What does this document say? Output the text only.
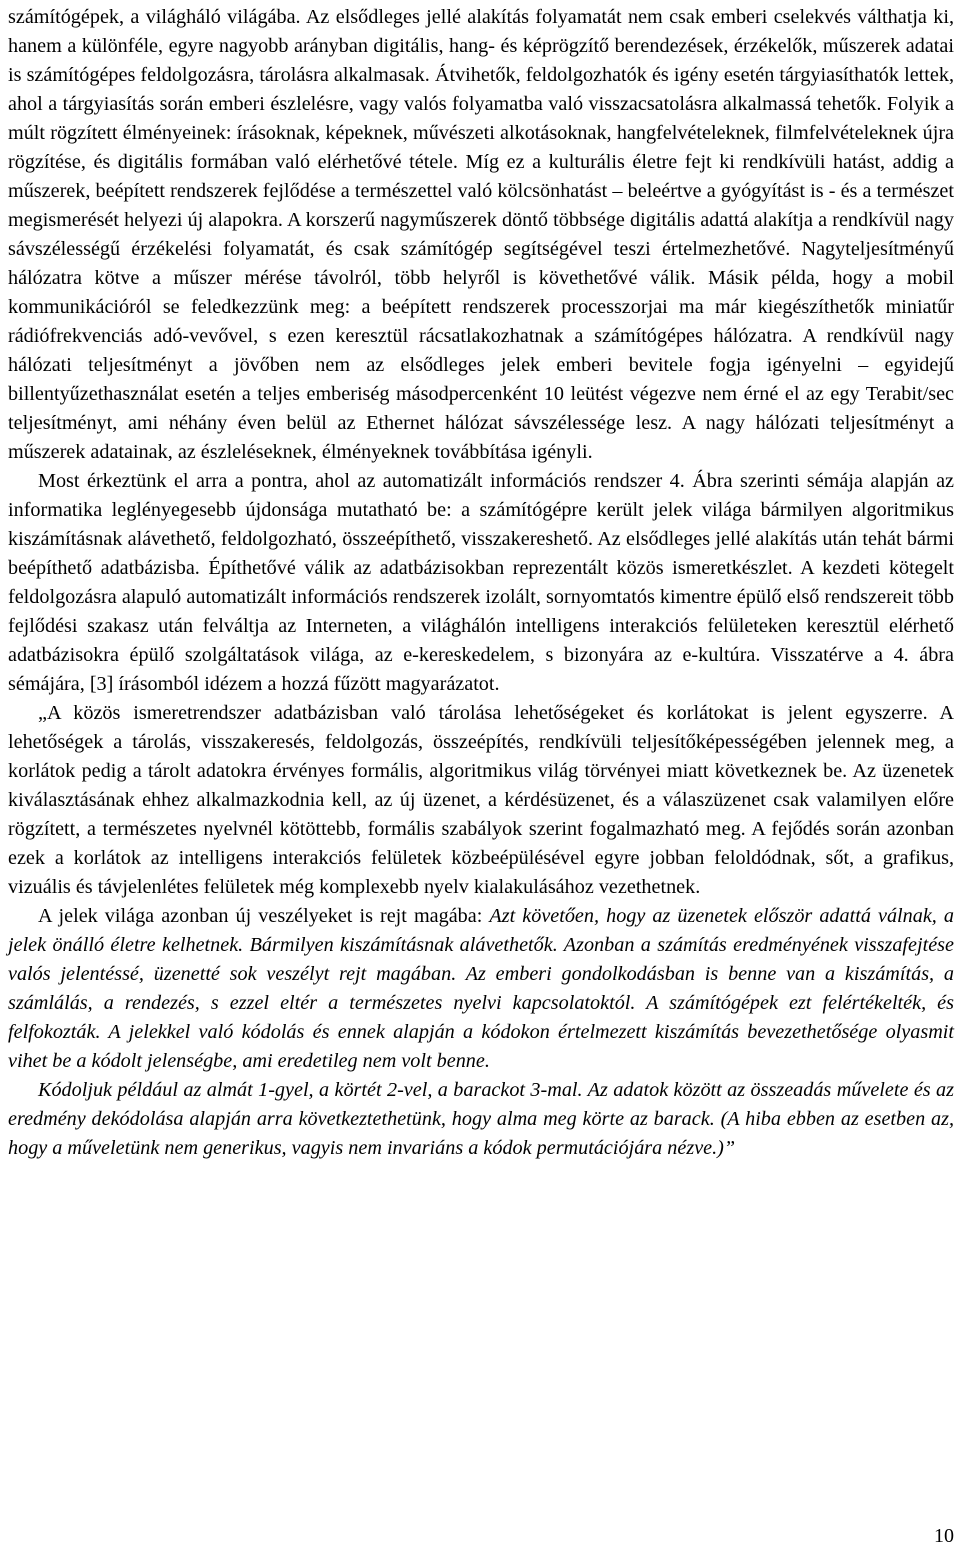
számítógépek, a világháló világába. Az elsődleges jellé alakítás folyamatát nem csak emberi cselekvés válthatja ki, hanem a különféle, egyre nagyobb arányban digitális, hang- és képrögzítő berendezések, érzékelők, műszerek adatai is számítógépes feldolgozásra, tárolásra alkalmasak. Átvihetők, feldolgozhatók és igény esetén tárgyiasíthatók lettek, ahol a tárgyiasítás során emberi észlelésre, vagy valós folyamatba való visszacsatolásra alkalmassá tehetők. Folyik a múlt rögzített élményeinek: írásoknak, képeknek, művészeti alkotásoknak, hangfelvételeknek, filmfelvételeknek újra rögzítése, és digitális formában való elérhetővé tétele. Míg ez a kulturális életre fejt ki rendkívüli hatást, addig a műszerek, beépített rendszerek fejlődése a természettel való kölcsönhatást – beleértve a gyógyítást is - és a természet megismerését helyezi új alapokra. A korszerű nagyműszerek döntő többsége digitális adattá alakítja a rendkívül nagy sávszélességű érzékelési folyamatát, és csak számítógép segítségével teszi értelmezhetővé. Nagyteljesítményű hálózatra kötve a műszer mérése távolról, több helyről is követhetővé válik. Másik példa, hogy a mobil kommunikációról se feledkezzünk meg: a beépített rendszerek processzorjai ma már kiegészíthetők miniatűr rádiófrekvenciás adó-vevővel, s ezen keresztül rácsatlakozhatnak a számítógépes hálózatra. A rendkívül nagy hálózati teljesítményt a jövőben nem az elsődleges jelek emberi bevitele fogja igényelni – egyidejű billentyűzethasználat esetén a teljes emberiség másodpercenként 10 leütést végezve nem érné el az egy Terabit/sec teljesítményt, ami néhány éven belül az Ethernet hálózat sávszélessége lesz. A nagy hálózati teljesítményt a műszerek adatainak, az észleléseknek, élményeknek továbbítása igényli.

Most érkeztünk el arra a pontra, ahol az automatizált információs rendszer 4. Ábra szerinti sémája alapján az informatika leglényegesebb újdonsága mutatható be: a számítógépre került jelek világa bármilyen algoritmikus kiszámításnak alávethető, feldolgozható, összeépíthető, visszakereshető. Az elsődleges jellé alakítás után tehát bármi beépíthető adatbázisba. Építhetővé válik az adatbázisokban reprezentált közös ismeretkészlet. A kezdeti kötegelt feldolgozásra alapuló automatizált információs rendszerek izolált, sornyomtatós kimentre épülő első rendszereit több fejlődési szakasz után felváltja az Interneten, a világhálón intelligens interakciós felületeken keresztül elérhető adatbázisokra épülő szolgáltatások világa, az e-kereskedelem, s bizonyára az e-kultúra. Visszatérve a 4. ábra sémájára, [3] írásomból idézem a hozzá fűzött magyarázatot.

„A közös ismeretrendszer adatbázisban való tárolása lehetőségeket és korlátokat is jelent egyszerre. A lehetőségek a tárolás, visszakeresés, feldolgozás, összeépítés, rendkívüli teljesítőképességében jelennek meg, a korlátok pedig a tárolt adatokra érvényes formális, algoritmikus világ törvényei miatt következnek be. Az üzenetek kiválasztásának ehhez alkalmazkodnia kell, az új üzenet, a kérdésüzenet, és a válaszüzenet csak valamilyen előre rögzített, a természetes nyelvnél kötöttebb, formális szabályok szerint fogalmazható meg. A fejődés során azonban ezek a korlátok az intelligens interakciós felületek közbeépülésével egyre jobban feloldódnak, sőt, a grafikus, vizuális és távjelenlétes felületek még komplexebb nyelv kialakulásához vezethetnek.

A jelek világa azonban új veszélyeket is rejt magába: Azt követően, hogy az üzenetek először adattá válnak, a jelek önálló életre kelhetnek. Bármilyen kiszámításnak alávethetők. Azonban a számítás eredményének visszafejtése valós jelentéssé, üzenetté sok veszélyt rejt magában. Az emberi gondolkodásban is benne van a kiszámítás, a számlálás, a rendezés, s ezzel eltér a természetes nyelvi kapcsolatoktól. A számítógépek ezt felértékelték, és felfokozták. A jelekkel való kódolás és ennek alapján a kódokon értelmezett kiszámítás bevezethetősége olyasmit vihet be a kódolt jelenségbe, ami eredetileg nem volt benne.

Kódoljuk például az almát 1-gyel, a körtét 2-vel, a barackot 3-mal. Az adatok között az összeadás művelete és az eredmény dekódolása alapján arra következtethetünk, hogy alma meg körte az barack. (A hiba ebben az esetben az, hogy a műveletünk nem generikus, vagyis nem invariáns a kódok permutációjára nézve.)”

10
